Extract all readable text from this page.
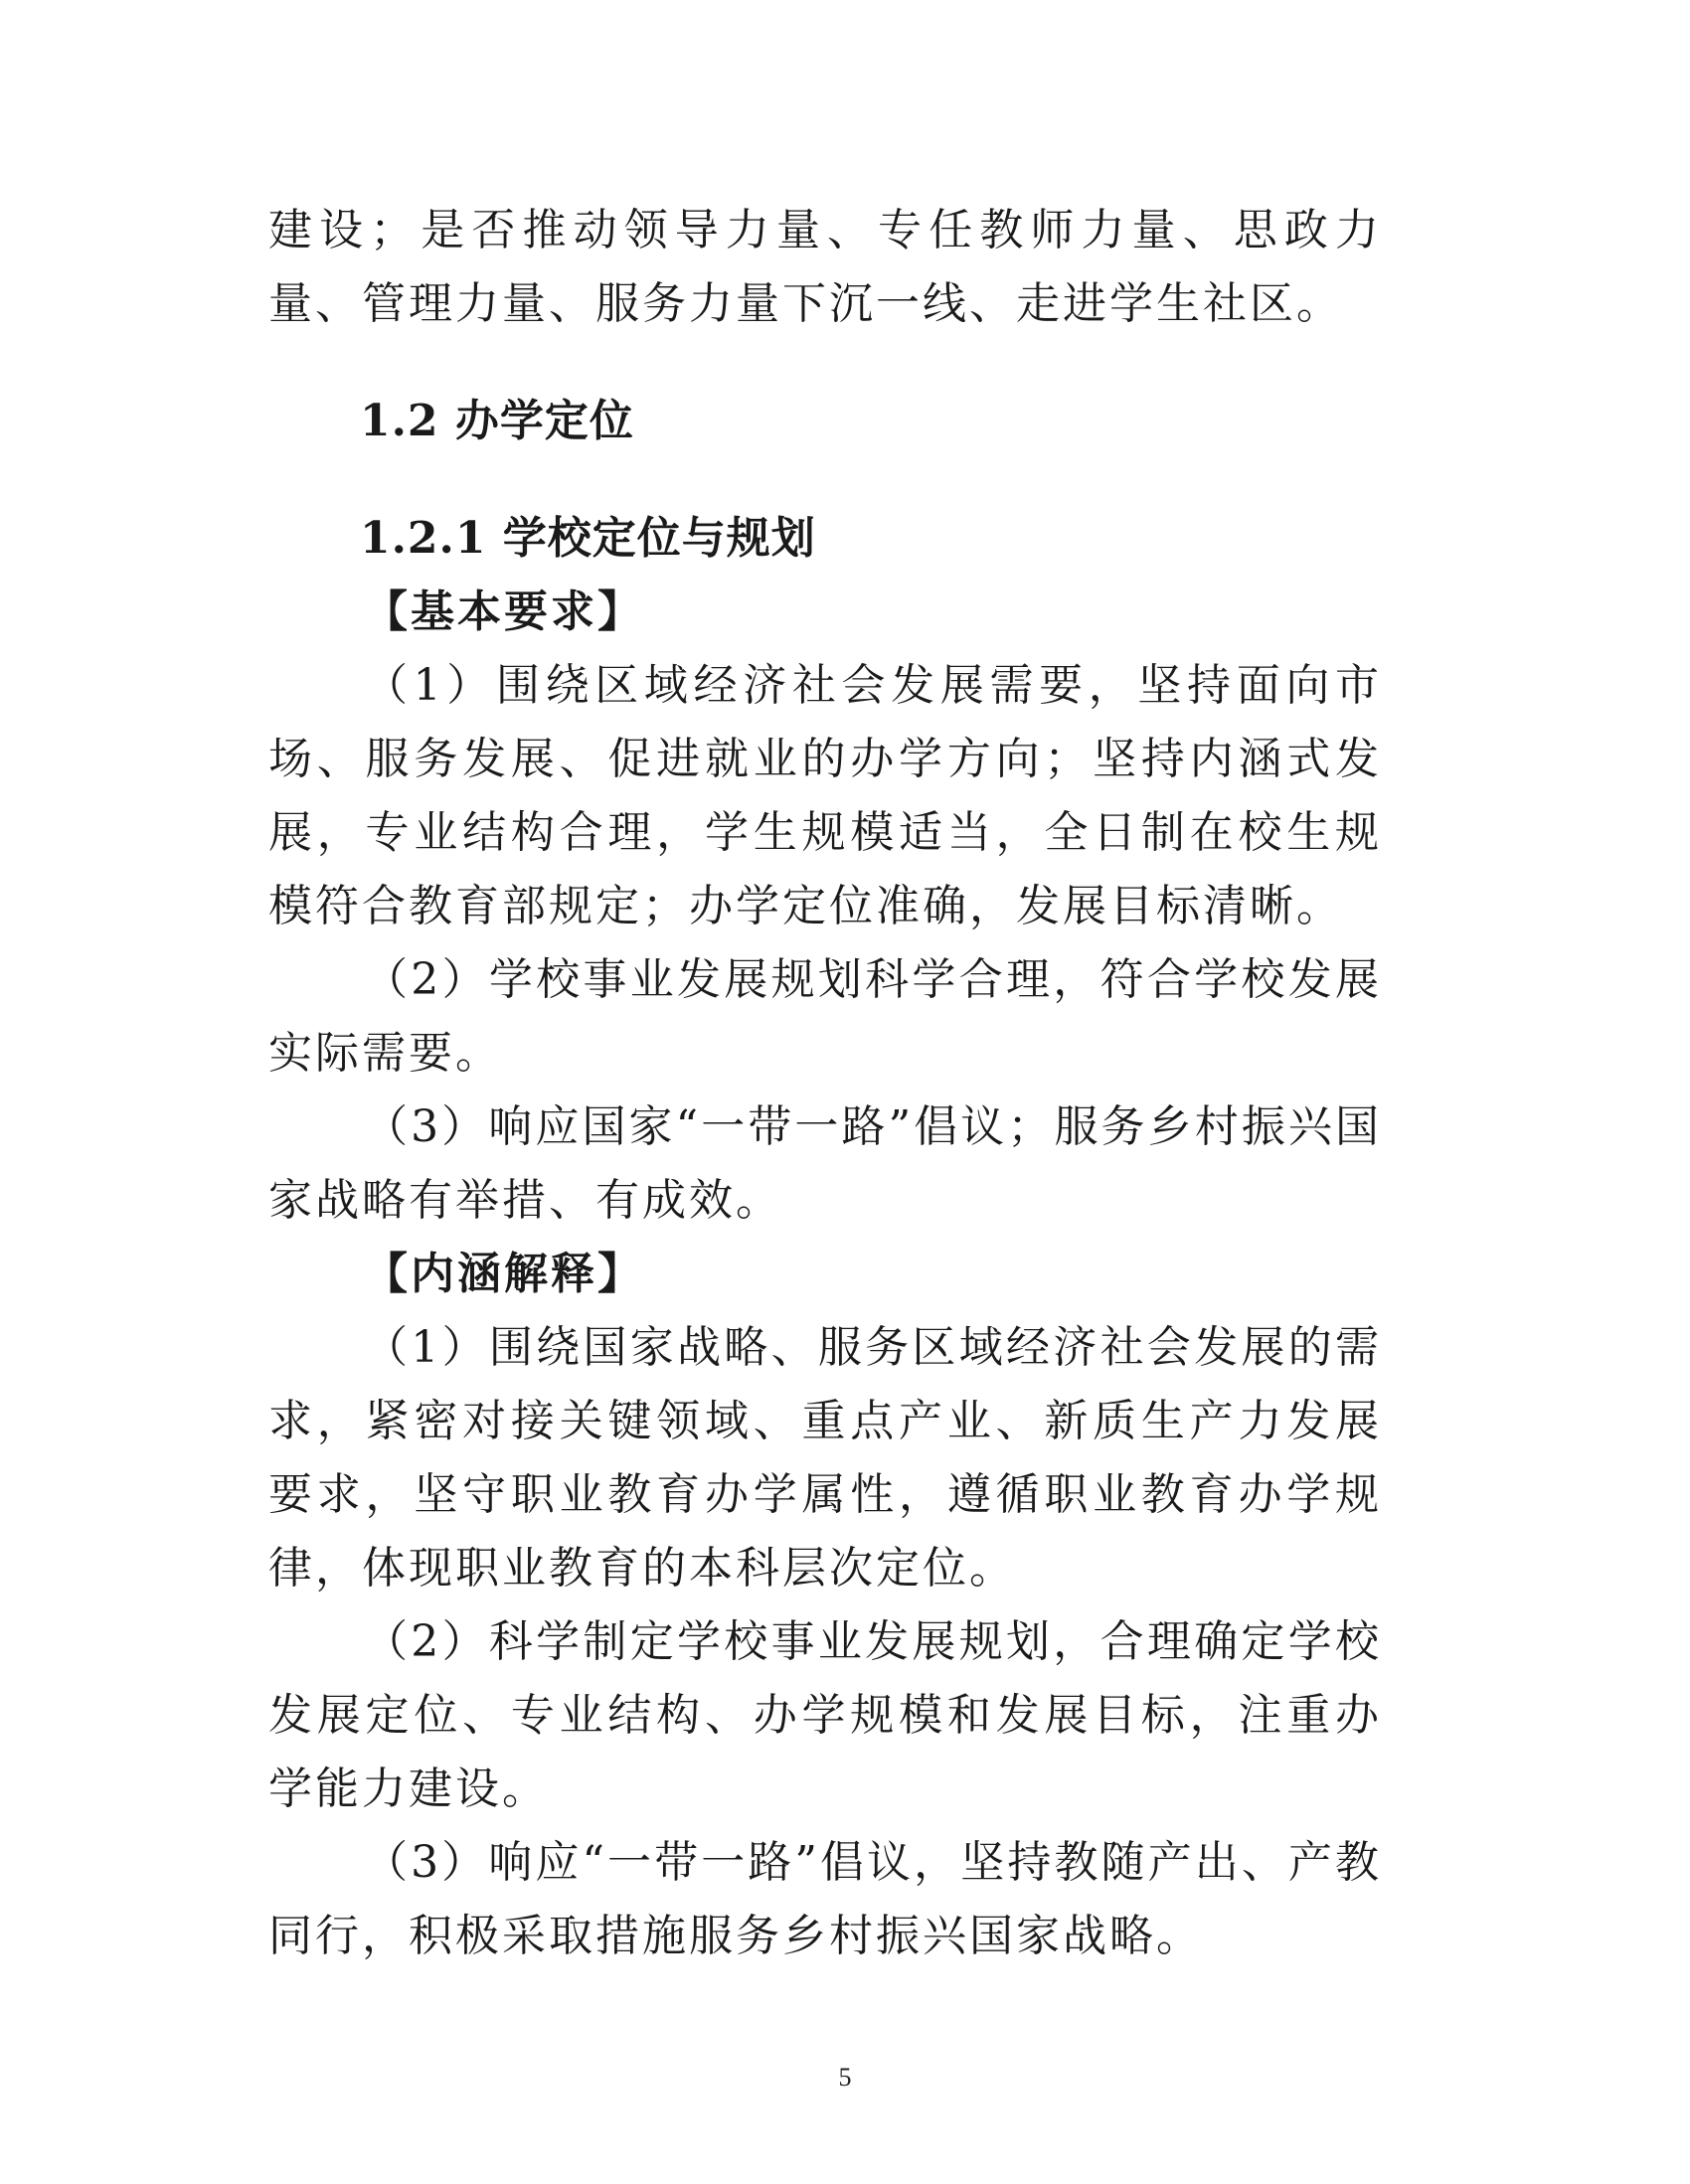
建设；是否推动领导力量、专任教师力量、思政力量、管理力量、服务力量下沉一线、走进学生社区。

1.2 办学定位

1.2.1 学校定位与规划

【基本要求】

（1）围绕区域经济社会发展需要，坚持面向市场、服务发展、促进就业的办学方向；坚持内涵式发展，专业结构合理，学生规模适当，全日制在校生规模符合教育部规定；办学定位准确，发展目标清晰。

（2）学校事业发展规划科学合理，符合学校发展实际需要。

（3）响应国家“一带一路”倡议；服务乡村振兴国家战略有举措、有成效。

【内涵解释】

（1）围绕国家战略、服务区域经济社会发展的需求，紧密对接关键领域、重点产业、新质生产力发展要求，坚守职业教育办学属性，遵循职业教育办学规律，体现职业教育的本科层次定位。

（2）科学制定学校事业发展规划，合理确定学校发展定位、专业结构、办学规模和发展目标，注重办学能力建设。

（3）响应“一带一路”倡议，坚持教随产出、产教同行，积极采取措施服务乡村振兴国家战略。

5
